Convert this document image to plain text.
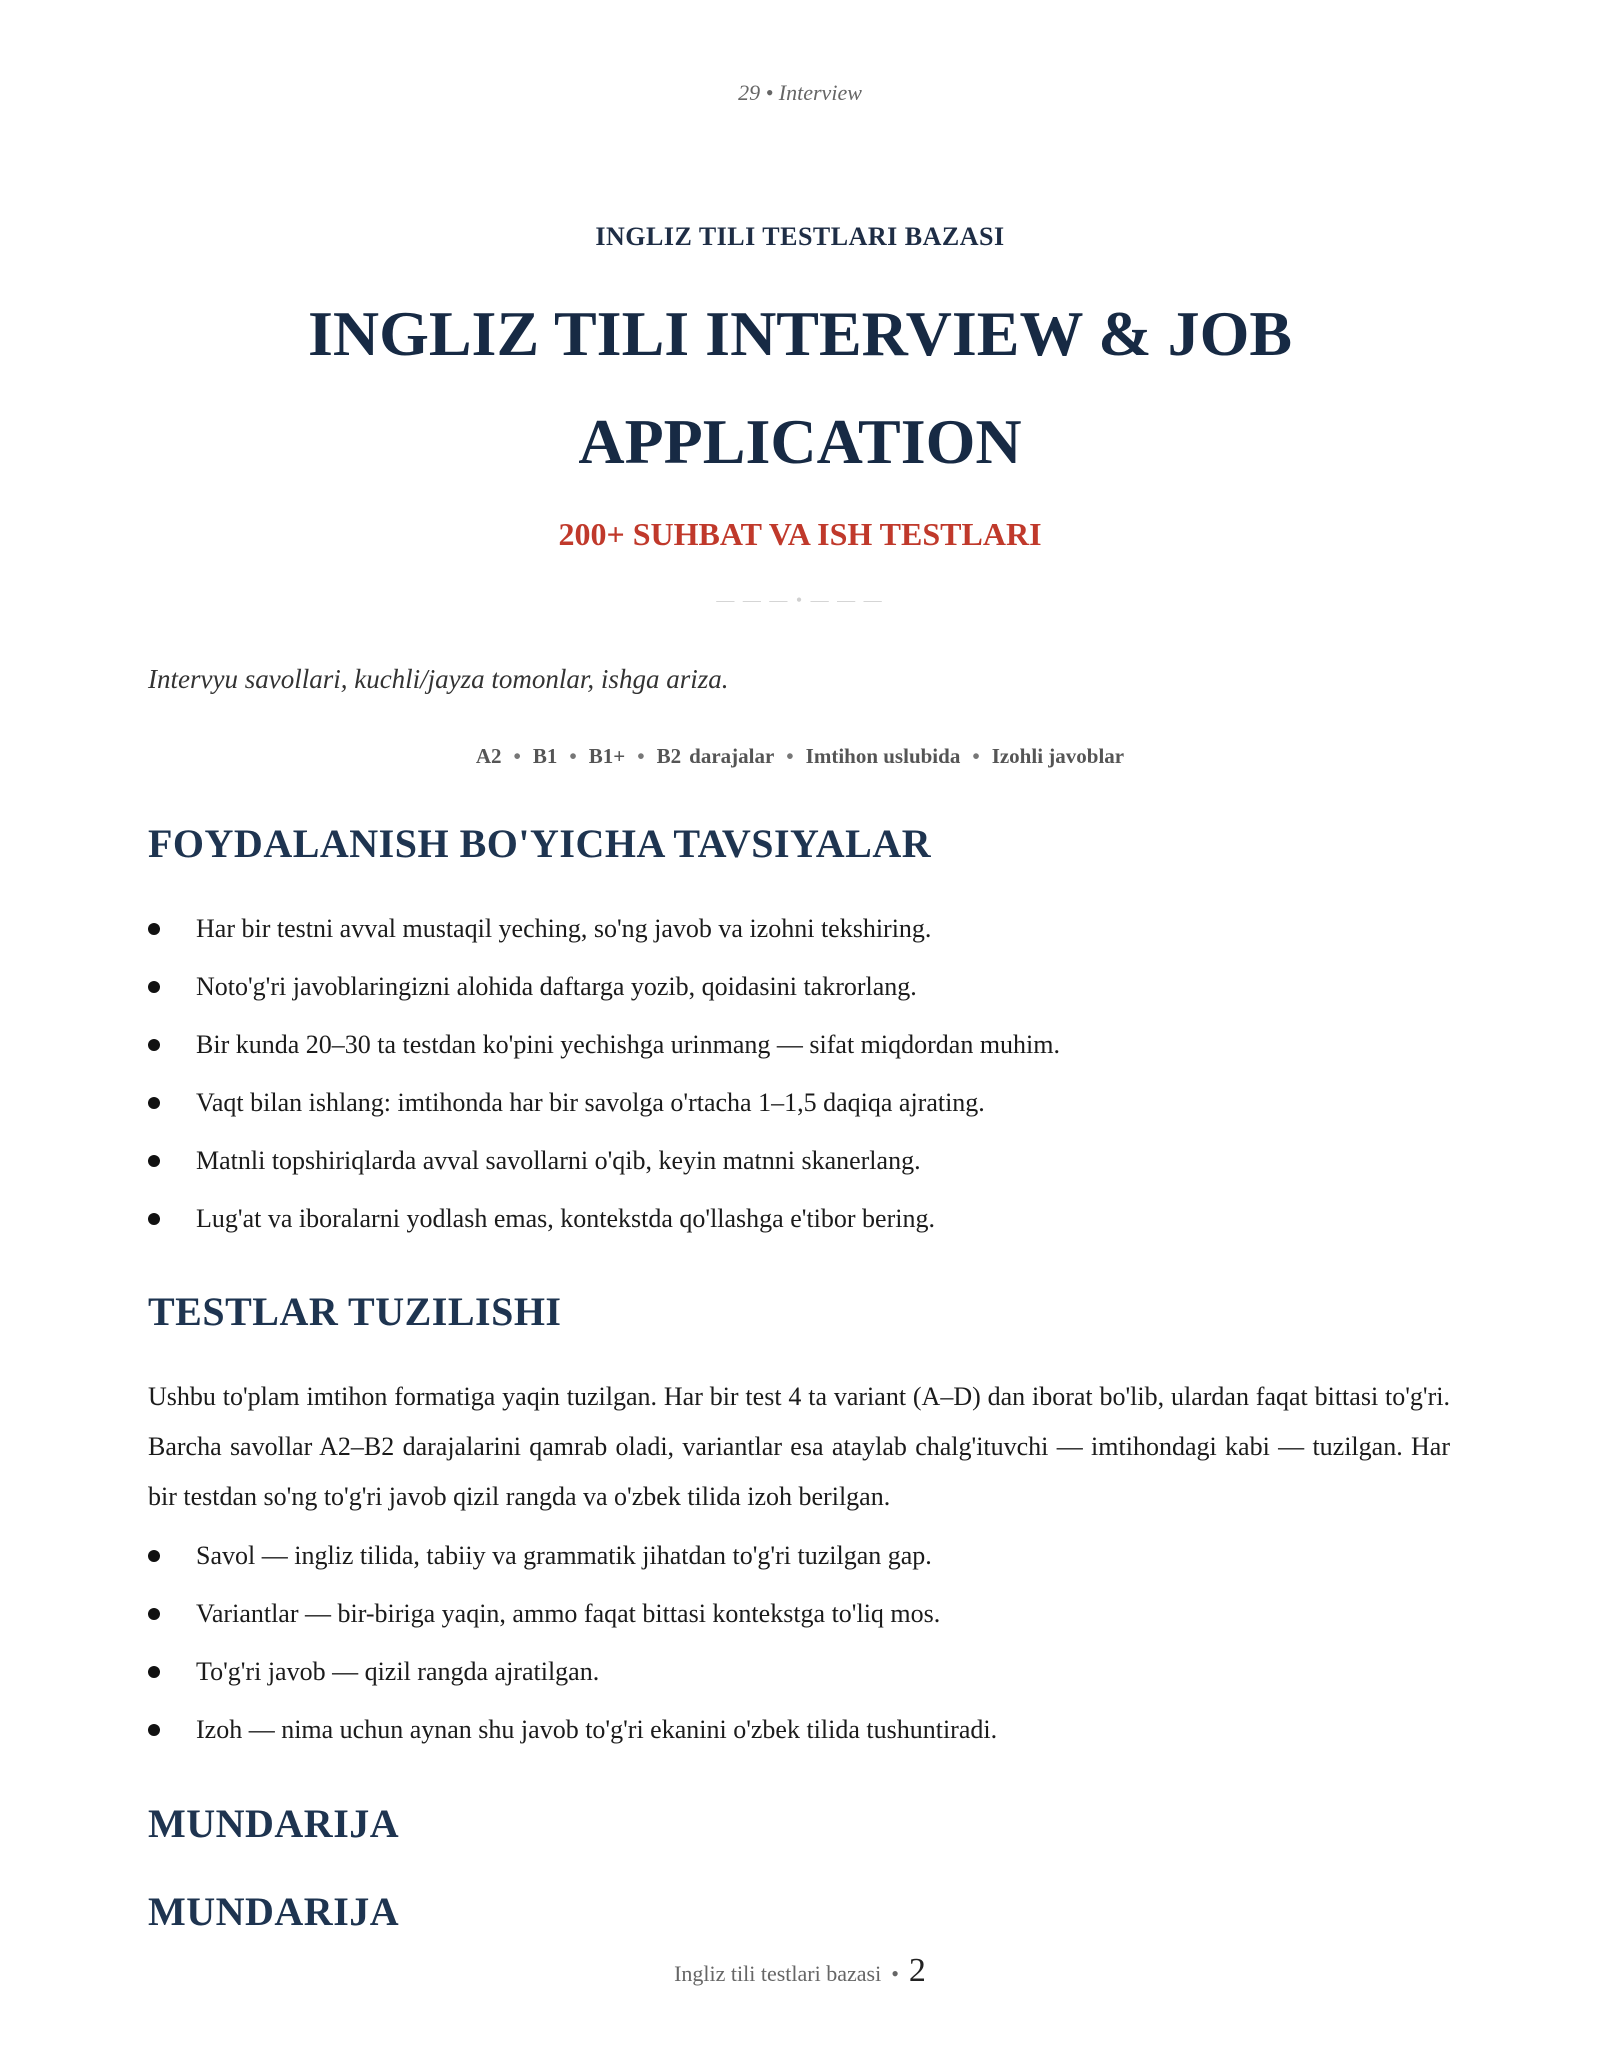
29 • Interview
INGLIZ TILI TESTLARI BAZASI
INGLIZ TILI INTERVIEW & JOB APPLICATION
200+ SUHBAT VA ISH TESTLARI
— — — • — — —
Intervyu savollari, kuchli/jayza tomonlar, ishga ariza.
A2 • B1 • B1+ • B2 darajalar • Imtihon uslubida • Izohli javoblar
FOYDALANISH BO'YICHA TAVSIYALAR
Har bir testni avval mustaqil yeching, so'ng javob va izohni tekshiring.
Noto'g'ri javoblaringizni alohida daftarga yozib, qoidasini takrorlang.
Bir kunda 20–30 ta testdan ko'pini yechishga urinmang — sifat miqdordan muhim.
Vaqt bilan ishlang: imtihonda har bir savolga o'rtacha 1–1,5 daqiqa ajrating.
Matnli topshiriqlarda avval savollarni o'qib, keyin matnni skanerlang.
Lug'at va iboralarni yodlash emas, kontekstda qo'llashga e'tibor bering.
TESTLAR TUZILISHI

Ushbu to'plam imtihon formatiga yaqin tuzilgan. Har bir test 4 ta variant (A–D) dan iborat bo'lib, ulardan faqat bittasi to'g'ri. Barcha savollar A2–B2 darajalarini qamrab oladi, variantlar esa ataylab chalg'ituvchi — imtihondagi kabi — tuzilgan. Har bir testdan so'ng to'g'ri javob qizil rangda va o'zbek tilida izoh berilgan.

Savol — ingliz tilida, tabiiy va grammatik jihatdan to'g'ri tuzilgan gap.
Variantlar — bir-biriga yaqin, ammo faqat bittasi kontekstga to'liq mos.
To'g'ri javob — qizil rangda ajratilgan.
Izoh — nima uchun aynan shu javob to'g'ri ekanini o'zbek tilida tushuntiradi.
MUNDARIJA
MUNDARIJA
Ingliz tili testlari bazasi • 2
